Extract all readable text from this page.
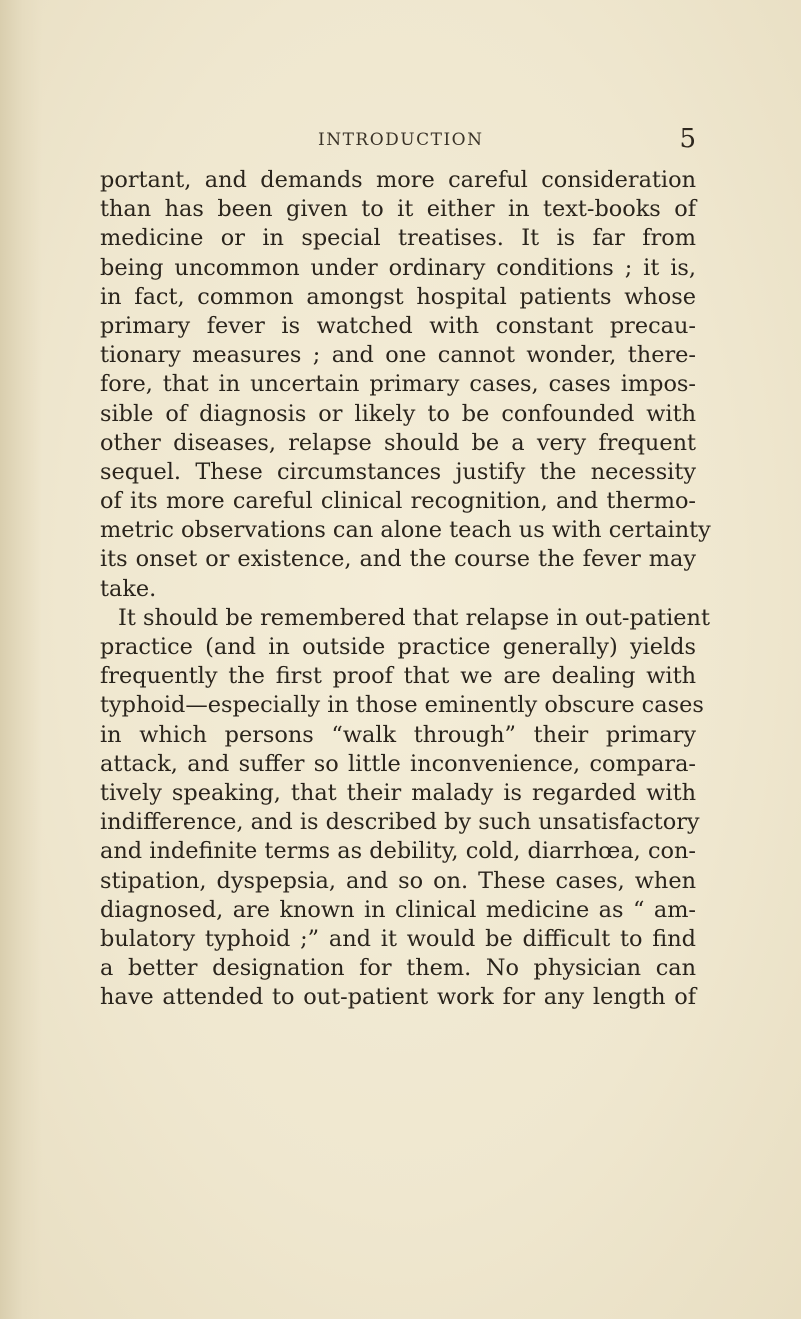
INTRODUCTION	5
portant, and demands more careful consideration
than has been given to it either in text-books of
medicine or in special treatises. It is far from
being uncommon under ordinary conditions ; it is,
in fact, common amongst hospital patients whose
primary fever is watched with constant precau-
tionary measures ; and one cannot wonder, there-
fore, that in uncertain primary cases, cases impos-
sible of diagnosis or likely to be confounded with
other diseases, relapse should be a very frequent
sequel. These circumstances justify the necessity
of its more careful clinical recognition, and thermo-
metric observations can alone teach us with certainty
its onset or existence, and the course the fever may
take.
It should be remembered that relapse in out-patient
practice (and in outside practice generally) yields
frequently the first proof that we are dealing with
typhoid—especially in those eminently obscure cases
in which persons “walk through” their primary
attack, and suffer so little inconvenience, compara-
tively speaking, that their malady is regarded with
indifference, and is described by such unsatisfactory
and indefinite terms as debility, cold, diarrhœa, con-
stipation, dyspepsia, and so on. These cases, when
diagnosed, are known in clinical medicine as “ am-
bulatory typhoid ;” and it would be difficult to find
a better designation for them. No physician can
have attended to out-patient work for any length of
